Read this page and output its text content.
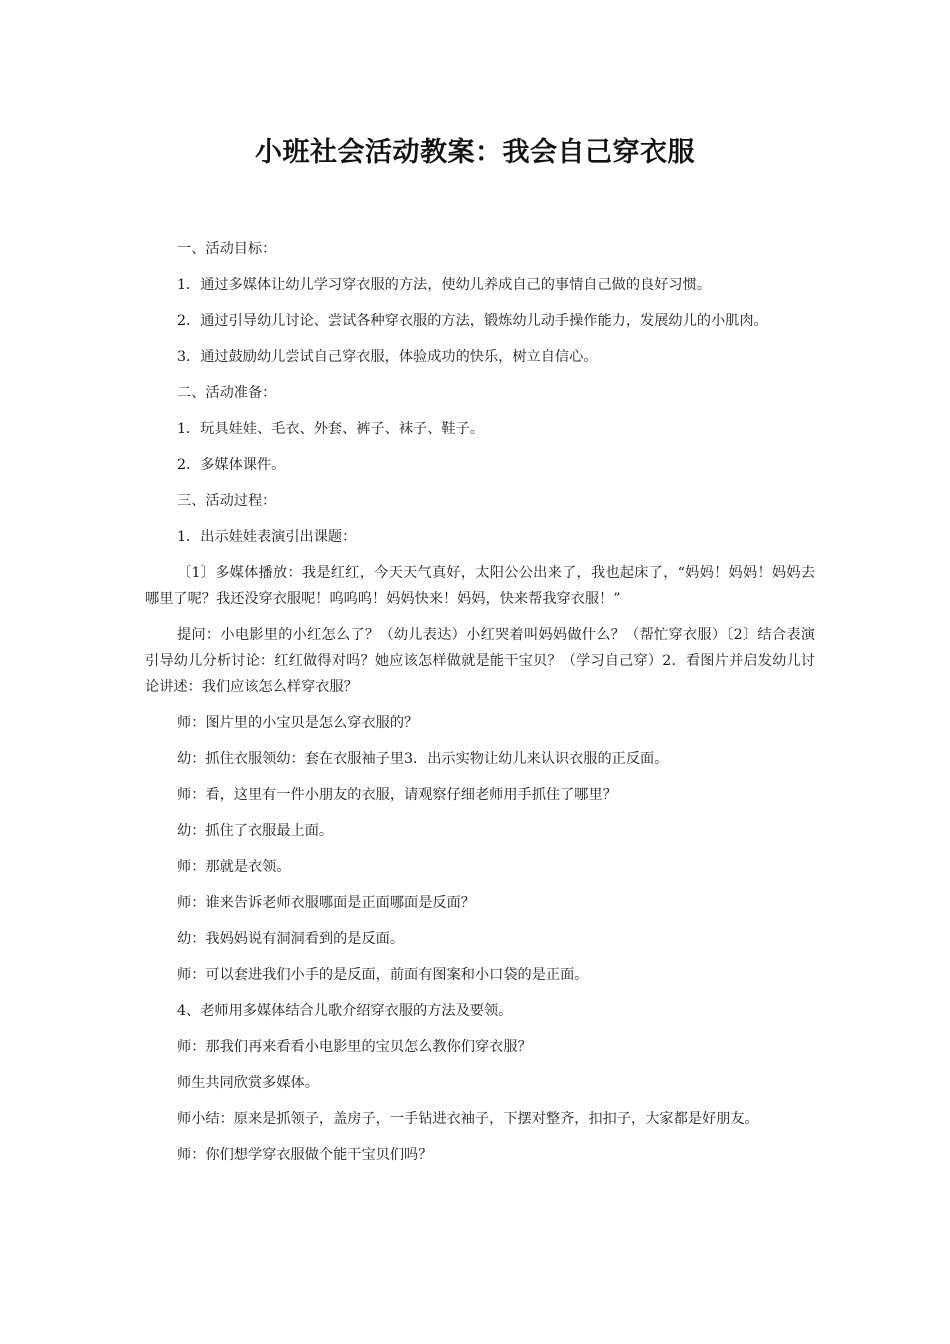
小班社会活动教案：我会自己穿衣服

一、活动目标：

1．通过多媒体让幼儿学习穿衣服的方法，使幼儿养成自己的事情自己做的良好习惯。

2．通过引导幼儿讨论、尝试各种穿衣服的方法，锻炼幼儿动手操作能力，发展幼儿的小肌肉。

3．通过鼓励幼儿尝试自己穿衣服，体验成功的快乐，树立自信心。

二、活动准备：

1．玩具娃娃、毛衣、外套、裤子、袜子、鞋子。

2．多媒体课件。

三、活动过程：

1．出示娃娃表演引出课题：

〔1〕多媒体播放：我是红红，今天天气真好，太阳公公出来了，我也起床了，“妈妈！妈妈！妈妈去哪里了呢？我还没穿衣服呢！呜呜呜！妈妈快来！妈妈，快来帮我穿衣服！”

提问：小电影里的小红怎么了？（幼儿表达）小红哭着叫妈妈做什么？（帮忙穿衣服）〔2〕结合表演引导幼儿分析讨论：红红做得对吗？她应该怎样做就是能干宝贝？（学习自己穿）2．看图片并启发幼儿讨论讲述：我们应该怎么样穿衣服？

师：图片里的小宝贝是怎么穿衣服的？

幼：抓住衣服领幼：套在衣服袖子里3．出示实物让幼儿来认识衣服的正反面。

师：看，这里有一件小朋友的衣服，请观察仔细老师用手抓住了哪里？

幼：抓住了衣服最上面。

师：那就是衣领。

师：谁来告诉老师衣服哪面是正面哪面是反面？

幼：我妈妈说有洞洞看到的是反面。

师：可以套进我们小手的是反面，前面有图案和小口袋的是正面。

4、老师用多媒体结合儿歌介绍穿衣服的方法及要领。

师：那我们再来看看小电影里的宝贝怎么教你们穿衣服？

师生共同欣赏多媒体。

师小结：原来是抓领子，盖房子，一手钻进衣袖子，下摆对整齐，扣扣子，大家都是好朋友。

师：你们想学穿衣服做个能干宝贝们吗？
